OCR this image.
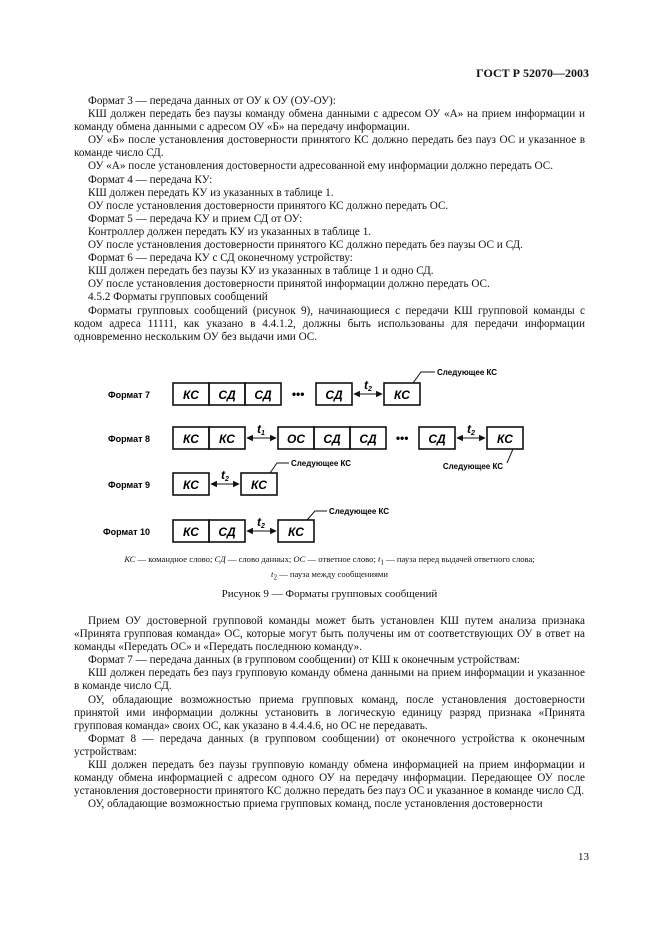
ГОСТ Р 52070—2003

Формат 3 — передача данных от ОУ к ОУ (ОУ-ОУ):

КШ должен передать без паузы команду обмена данными с адресом ОУ «А» на прием информации и команду обмена данными с адресом ОУ «Б» на передачу информации.

ОУ «Б» после установления достоверности принятого КС должно передать без пауз ОС и указанное в команде число СД.

ОУ «А» после установления достоверности адресованной ему информации должно передать ОС.

Формат 4 — передача КУ:

КШ должен передать КУ из указанных в таблице 1.

ОУ после установления достоверности принятого КС должно передать ОС.

Формат 5 — передача КУ и прием СД от ОУ:

Контроллер должен передать КУ из указанных в таблице 1.

ОУ после установления достоверности принятого КС должно передать без паузы ОС и СД.

Формат 6 — передача КУ с СД оконечному устройству:

КШ должен передать без паузы КУ из указанных в таблице 1 и одно СД.

ОУ после установления достоверности принятой информации должно передать ОС.

4.5.2 Форматы групповых сообщений

Форматы групповых сообщений (рисунок 9), начинающиеся с передачи КШ групповой команды с кодом адреса 11111, как указано в 4.4.1.2, должны быть использованы для передачи информации одновременно нескольким ОУ без выдачи ими ОС.

Формат 7
Формат 8
Формат 9
Формат 10
КС СД СД ••• СД	КС
КС КС	ОС СД СД ••• СД	КС
КС	КС
КС СД	КС
t2
t1	t2
t2
t2
Следующее КС
Следующее КС
Следующее КС
Следующее КС
КС — командное слово; СД — слово данных; ОС — ответное слово; $t_1$ — пауза перед выдачей ответного слова;
$t_2$ — пауза между сообщениями
Рисунок 9 — Форматы групповых сообщений

Прием ОУ достоверной групповой команды может быть установлен КШ путем анализа признака «Принята групповая команда» ОС, которые могут быть получены им от соответствующих ОУ в ответ на команды «Передать ОС» и «Передать последнюю команду».

Формат 7 — передача данных (в групповом сообщении) от КШ к оконечным устройствам:

КШ должен передать без пауз групповую команду обмена данными на прием информации и указанное в команде число СД.

ОУ, обладающие возможностью приема групповых команд, после установления достоверности принятой ими информации должны установить в логическую единицу разряд признака «Принята групповая команда» своих ОС, как указано в 4.4.4.6, но ОС не передавать.

Формат 8 — передача данных (в групповом сообщении) от оконечного устройства к оконечным устройствам:

КШ должен передать без паузы групповую команду обмена информацией на прием информации и команду обмена информацией с адресом одного ОУ на передачу информации. Передающее ОУ после установления достоверности принятого КС должно передать без пауз ОС и указанное в команде число СД.

ОУ, обладающие возможностью приема групповых команд, после установления достоверности

13
